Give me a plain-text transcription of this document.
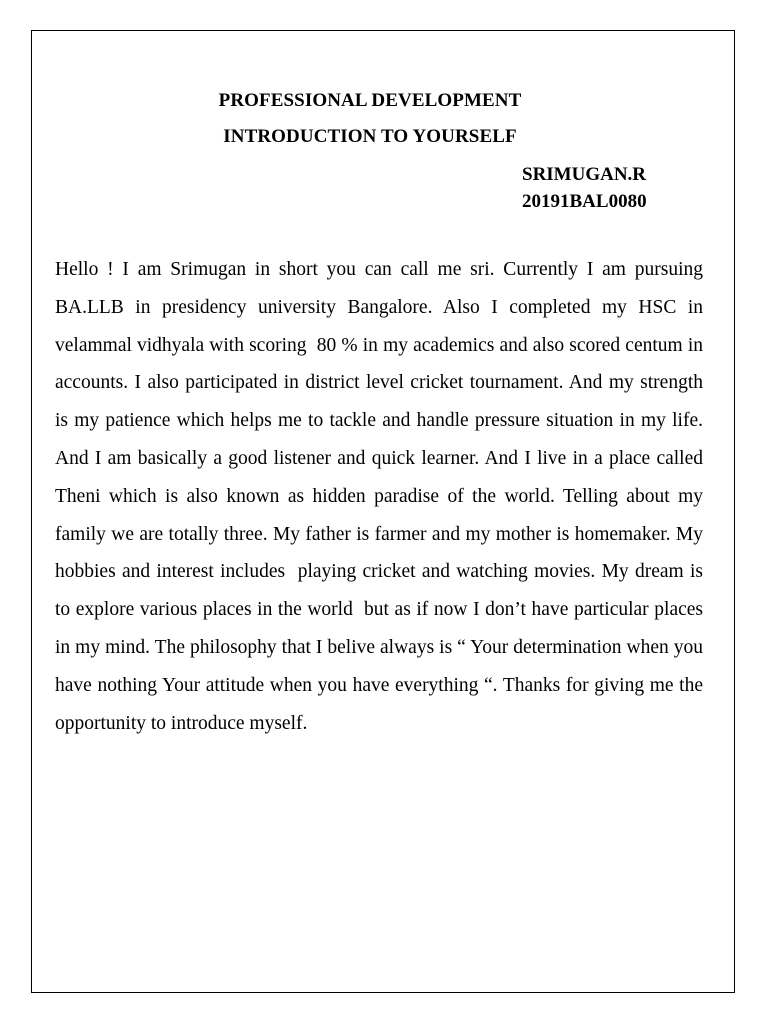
PROFESSIONAL DEVELOPMENT
INTRODUCTION TO YOURSELF

SRIMUGAN.R

20191BAL0080

Hello ! I am Srimugan in short you can call me sri. Currently I am pursuing BA.LLB in presidency university Bangalore. Also I completed my HSC in velammal vidhyala with scoring  80 % in my academics and also scored centum in accounts. I also participated in district level cricket tournament. And my strength is my patience which helps me to tackle and handle pressure situation in my life. And I am basically a good listener and quick learner. And I live in a place called  Theni which is also known as hidden paradise of the world. Telling about my family we are totally three. My father is farmer and my mother is homemaker. My hobbies and interest includes  playing cricket and watching movies. My dream is to explore various places in the world  but as if now I don’t have particular places in my mind. The philosophy that I belive always is “ Your determination when you have nothing Your attitude when you have everything “. Thanks for giving me the opportunity to introduce myself.
